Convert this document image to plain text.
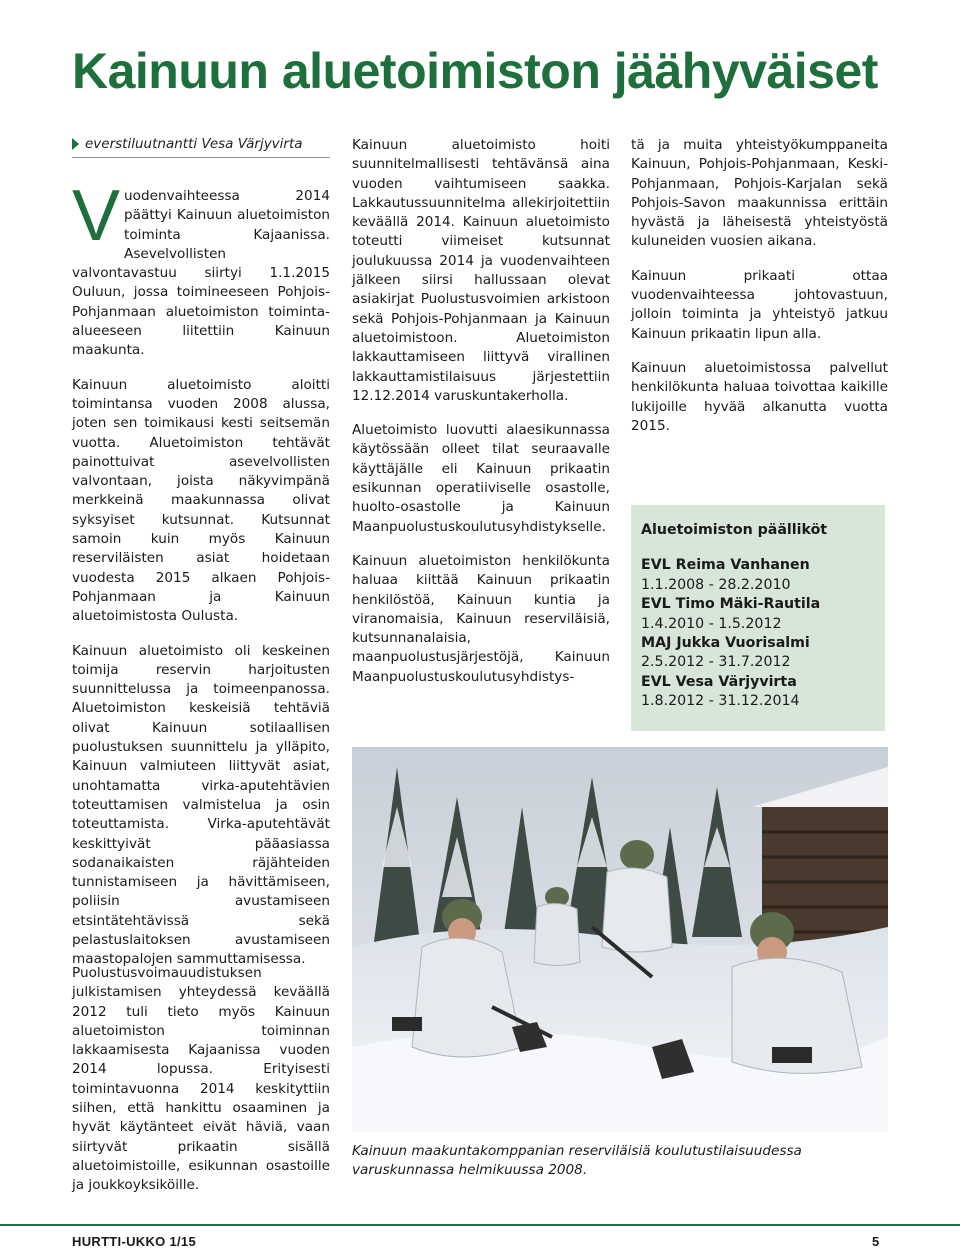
Kainuun aluetoimiston jäähyväiset
everstiluutnantti Vesa Värjyvirta

Vuodenvaihteessa 2014 päättyi Kainuun aluetoimiston toiminta Kajaanissa. Asevelvollisten valvontavastuu siirtyi 1.1.2015 Ouluun, jossa toimineeseen Pohjois-Pohjanmaan aluetoimiston toiminta-alueeseen liitettiin Kainuun maakunta.

Kainuun aluetoimisto aloitti toimintansa vuoden 2008 alussa, joten sen toimikausi kesti seitsemän vuotta. Aluetoimiston tehtävät painottuivat asevelvollisten valvontaan, joista näkyvimpänä merkkeinä maakunnassa olivat syksyiset kutsunnat. Kutsunnat samoin kuin myös Kainuun reserviläisten asiat hoidetaan vuodesta 2015 alkaen Pohjois-Pohjanmaan ja Kainuun aluetoimistosta Oulusta.

Kainuun aluetoimisto oli keskeinen toimija reservin harjoitusten suunnittelussa ja toimeenpanossa. Aluetoimiston keskeisiä tehtäviä olivat Kainuun sotilaallisen puolustuksen suunnittelu ja ylläpito, Kainuun valmiuteen liittyvät asiat, unohtamatta virka-aputehtävien toteuttamisen valmistelua ja osin toteuttamista. Virka-aputehtävät keskittyivät pääasiassa sodanaikaisten räjähteiden tunnistamiseen ja hävittämiseen, poliisin avustamiseen etsintätehtävissä sekä pelastuslaitoksen avustamiseen maastopalojen sammuttamisessa.

Puolustusvoimauudistuksen julkistamisen yhteydessä keväällä 2012 tuli tieto myös Kainuun aluetoimiston toiminnan lakkaamisesta Kajaanissa vuoden 2014 lopussa. Erityisesti toimintavuonna 2014 keskityttiin siihen, että hankittu osaaminen ja hyvät käytänteet eivät häviä, vaan siirtyvät prikaatin sisällä aluetoimistoille, esikunnan osastoille ja joukkoyksiköille.

Kainuun aluetoimisto hoiti suunnitelmallisesti tehtävänsä aina vuoden vaihtumiseen saakka. Lakkautussuunnitelma allekirjoitettiin keväällä 2014. Kainuun aluetoimisto toteutti viimeiset kutsunnat joulukuussa 2014 ja vuodenvaihteen jälkeen siirsi hallussaan olevat asiakirjat Puolustusvoimien arkistoon sekä Pohjois-Pohjanmaan ja Kainuun aluetoimistoon. Aluetoimiston lakkauttamiseen liittyvä virallinen lakkauttamistilaisuus järjestettiin 12.12.2014 varuskuntakerholla.

Aluetoimisto luovutti alaesikunnassa käytössään olleet tilat seuraavalle käyttäjälle eli Kainuun prikaatin esikunnan operatiiviselle osastolle, huolto-osastolle ja Kainuun Maanpuolustuskoulutusyhdistykselle.

Kainuun aluetoimiston henkilökunta haluaa kiittää Kainuun prikaatin henkilöstöä, Kainuun kuntia ja viranomaisia, Kainuun reserviläisiä, kutsunnanalaisia, maanpuolustusjärjestöjä, Kainuun Maanpuolustuskoulutusyhdistys-

tä ja muita yhteistyökumppaneita Kainuun, Pohjois-Pohjanmaan, Keski-Pohjanmaan, Pohjois-Karjalan sekä Pohjois-Savon maakunnissa erittäin hyvästä ja läheisestä yhteistyöstä kuluneiden vuosien aikana.

Kainuun prikaati ottaa vuodenvaihteessa johtovastuun, jolloin toiminta ja yhteistyö jatkuu Kainuun prikaatin lipun alla.

Kainuun aluetoimistossa palvellut henkilökunta haluaa toivottaa kaikille lukijoille hyvää alkanutta vuotta 2015.

Aluetoimiston päälliköt
EVL Reima Vanhanen
1.1.2008 - 28.2.2010
EVL Timo Mäki-Rautila
1.4.2010 - 1.5.2012
MAJ Jukka Vuorisalmi
2.5.2012 - 31.7.2012
EVL Vesa Värjyvirta
1.8.2012 - 31.12.2014
Kainuun maakuntakomppanian reserviläisiä koulutustilaisuudessa varuskunnassa helmikuussa 2008.
HURTTI-UKKO 1/15	5
